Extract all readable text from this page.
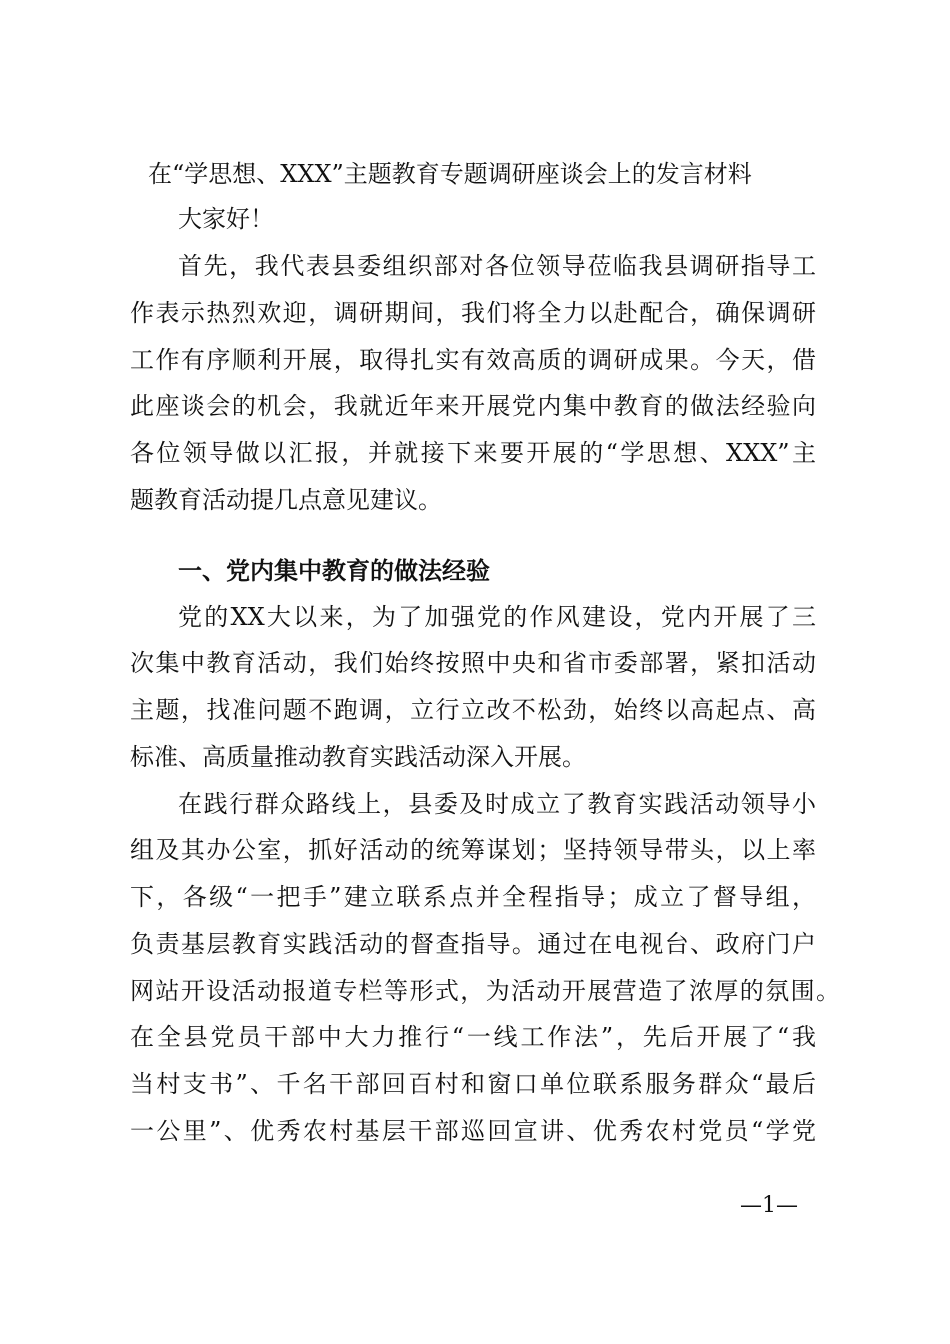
在“学思想、XXX”主题教育专题调研座谈会上的发言材料
大家好！
首先，我代表县委组织部对各位领导莅临我县调研指导工
作表示热烈欢迎，调研期间，我们将全力以赴配合，确保调研
工作有序顺利开展，取得扎实有效高质的调研成果。今天，借
此座谈会的机会，我就近年来开展党内集中教育的做法经验向
各位领导做以汇报，并就接下来要开展的“学思想、XXX”主
题教育活动提几点意见建议。
一、党内集中教育的做法经验
党的XX大以来，为了加强党的作风建设，党内开展了三
次集中教育活动，我们始终按照中央和省市委部署，紧扣活动
主题，找准问题不跑调，立行立改不松劲，始终以高起点、高
标准、高质量推动教育实践活动深入开展。
在践行群众路线上，县委及时成立了教育实践活动领导小
组及其办公室，抓好活动的统筹谋划；坚持领导带头，以上率
下，各级“一把手”建立联系点并全程指导；成立了督导组，
负责基层教育实践活动的督查指导。通过在电视台、政府门户
网站开设活动报道专栏等形式，为活动开展营造了浓厚的氛围。
在全县党员干部中大力推行“一线工作法”，先后开展了“我
当村支书”、千名干部回百村和窗口单位联系服务群众“最后
一公里”、优秀农村基层干部巡回宣讲、优秀农村党员“学党
—1—
